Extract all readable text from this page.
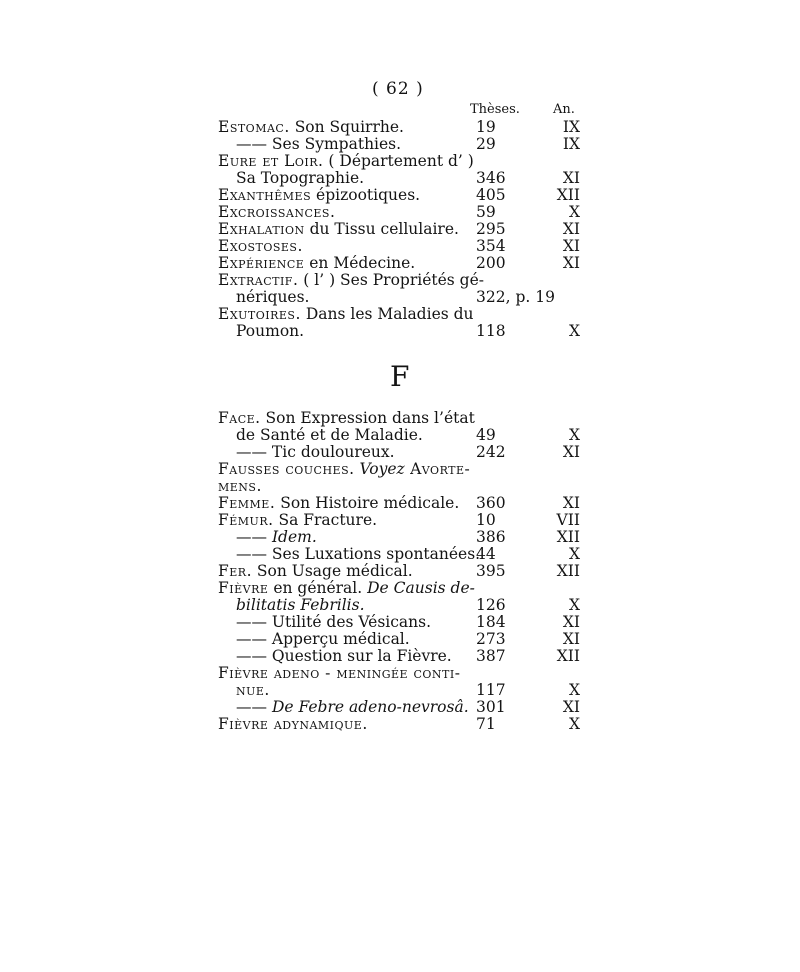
( 62 )
Thèses.	An.
Estomac. Son Squirrhe.	19	IX
—— Ses Sympathies.	29	IX
Eure et Loir. ( Département d’ )
Sa Topographie.	346	XI
Exanthêmes épizootiques.	405	XII
Excroissances.	59	X
Exhalation du Tissu cellulaire. 295	XI
Exostoses.	354	XI
Expérience en Médecine.	200	XI
Extractif. ( l’ ) Ses Propriétés gé-
nériques.	322, p. 19
Exutoires. Dans les Maladies du
Poumon.	118	X
F
Face. Son Expression dans l’état
de Santé et de Maladie.	49	X
—— Tic douloureux.	242	XI
Fausses couches. Voyez Avorte-
mens.
Femme. Son Histoire médicale. 360	XI
Fémur. Sa Fracture.	10	VII
—— Idem.	386	XII
—— Ses Luxations spontanées.
44	X
Fer. Son Usage médical.	395	XII
Fièvre en général. De Causis de-
bilitatis Febrilis.	126	X
—— Utilité des Vésicans.	184	XI
—— Apperçu médical.	273	XI
—— Question sur la Fièvre. 387	XII
Fièvre adeno - meningée conti-
nue.	117	X
—— De Febre adeno-nevrosâ. 301	XI
Fièvre adynamique.	71	X
